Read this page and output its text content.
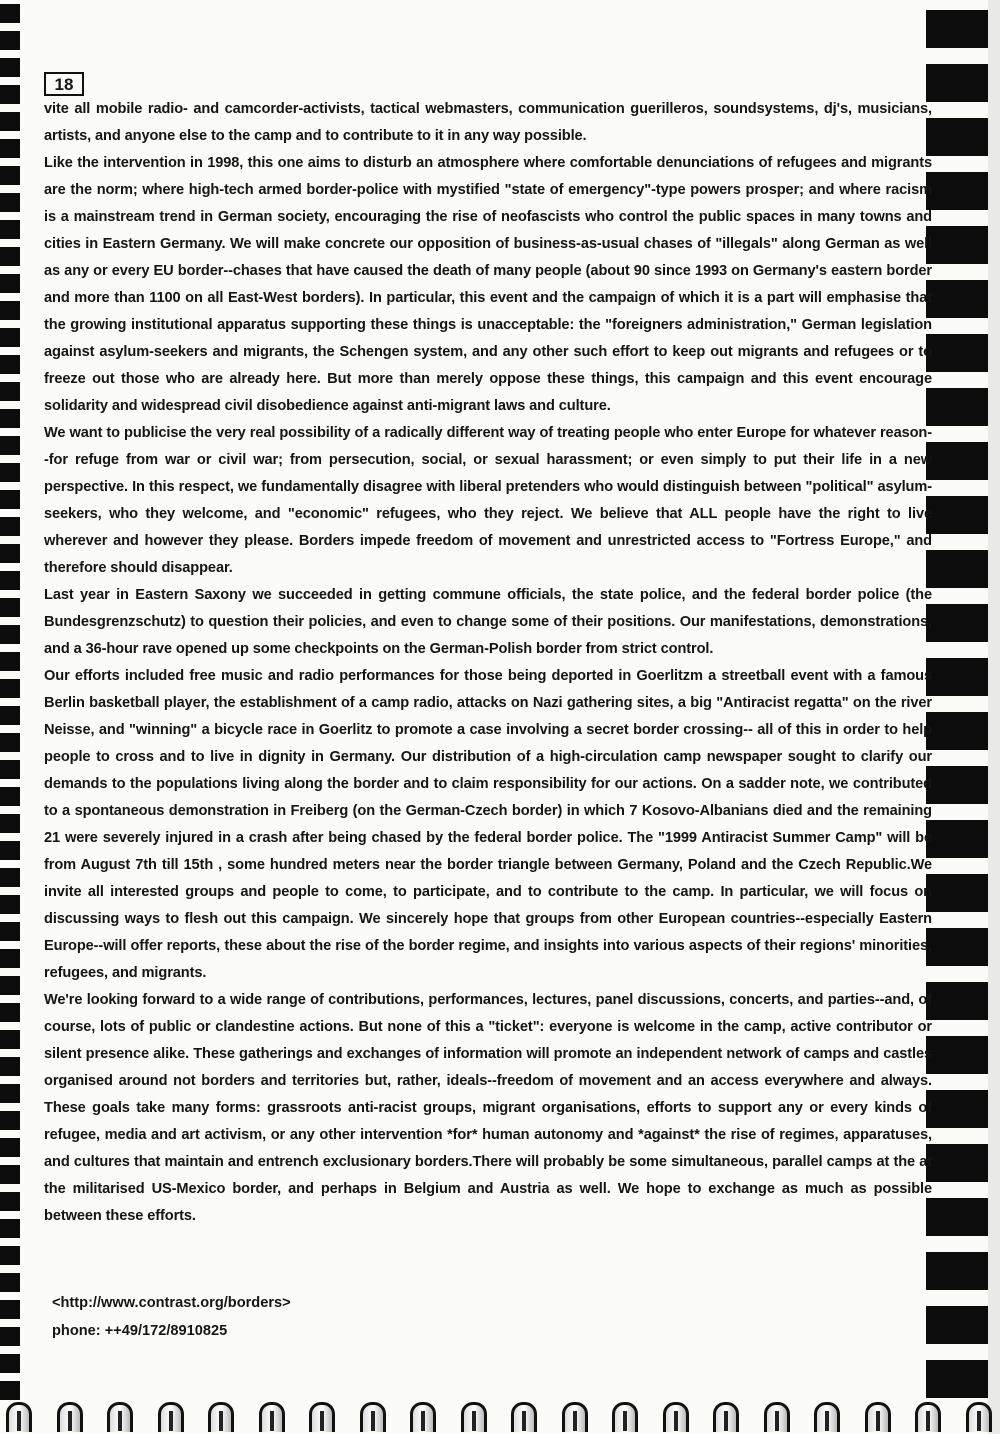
18

vite all mobile radio- and camcorder-activists, tactical webmasters, communication guerilleros, soundsystems, dj's, musicians, artists, and anyone else to the camp and to contribute to it in any way possible.

Like the intervention in 1998, this one aims to disturb an atmosphere where comfortable denunciations of refugees and migrants are the norm; where high-tech armed border-police with mystified "state of emergency"-type powers prosper; and where racism is a mainstream trend in German society, encouraging the rise of neofascists who control the public spaces in many towns and cities in Eastern Germany. We will make concrete our opposition of business-as-usual chases of "illegals" along German as well as any or every EU border--chases that have caused the death of many people (about 90 since 1993 on Germany's eastern border and more than 1100 on all East-West borders). In particular, this event and the campaign of which it is a part will emphasise that the growing institutional apparatus supporting these things is unacceptable: the "foreigners administration," German legislation against asylum-seekers and migrants, the Schengen system, and any other such effort to keep out migrants and refugees or to freeze out those who are already here. But more than merely oppose these things, this campaign and this event encourage solidarity and widespread civil disobedience against anti-migrant laws and culture.

We want to publicise the very real possibility of a radically different way of treating people who enter Europe for whatever reason--for refuge from war or civil war; from persecution, social, or sexual harassment; or even simply to put their life in a new perspective. In this respect, we fundamentally disagree with liberal pretenders who would distinguish between "political" asylum-seekers, who they welcome, and "economic" refugees, who they reject. We believe that ALL people have the right to live wherever and however they please. Borders impede freedom of movement and unrestricted access to "Fortress Europe," and therefore should disappear.

Last year in Eastern Saxony we succeeded in getting commune officials, the state police, and the federal border police (the Bundesgrenzschutz) to question their policies, and even to change some of their positions. Our manifestations, demonstrations, and a 36-hour rave opened up some checkpoints on the German-Polish border from strict control.

Our efforts included free music and radio performances for those being deported in Goerlitzm a streetball event with a famous Berlin basketball player, the establishment of a camp radio, attacks on Nazi gathering sites, a big "Antiracist regatta" on the river Neisse, and "winning" a bicycle race in Goerlitz to promote a case involving a secret border crossing-- all of this in order to help people to cross and to live in dignity in Germany. Our distribution of a high-circulation camp newspaper sought to clarify our demands to the populations living along the border and to claim responsibility for our actions. On a sadder note, we contributed to a spontaneous demonstration in Freiberg (on the German-Czech border) in which 7 Kosovo-Albanians died and the remaining 21 were severely injured in a crash after being chased by the federal border police. The "1999 Antiracist Summer Camp" will be from August 7th till 15th , some hundred meters near the border triangle between Germany, Poland and the Czech Republic.We invite all interested groups and people to come, to participate, and to contribute to the camp. In particular, we will focus on discussing ways to flesh out this campaign. We sincerely hope that groups from other European countries--especially Eastern Europe--will offer reports, these about the rise of the border regime, and insights into various aspects of their regions' minorities, refugees, and migrants.

We're looking forward to a wide range of contributions, performances, lectures, panel discussions, concerts, and parties--and, of course, lots of public or clandestine actions. But none of this a "ticket": everyone is welcome in the camp, active contributor or silent presence alike. These gatherings and exchanges of information will promote an independent network of camps and castles organised around not borders and territories but, rather, ideals--freedom of movement and an access everywhere and always. These goals take many forms: grassroots anti-racist groups, migrant organisations, efforts to support any or every kinds of refugee, media and art activism, or any other intervention *for* human autonomy and *against* the rise of regimes, apparatuses, and cultures that maintain and entrench exclusionary borders.There will probably be some simultaneous, parallel camps at the at the militarised US-Mexico border, and perhaps in Belgium and Austria as well. We hope to exchange as much as possible between these efforts.

<http://www.contrast.org/borders>
phone: ++49/172/8910825
